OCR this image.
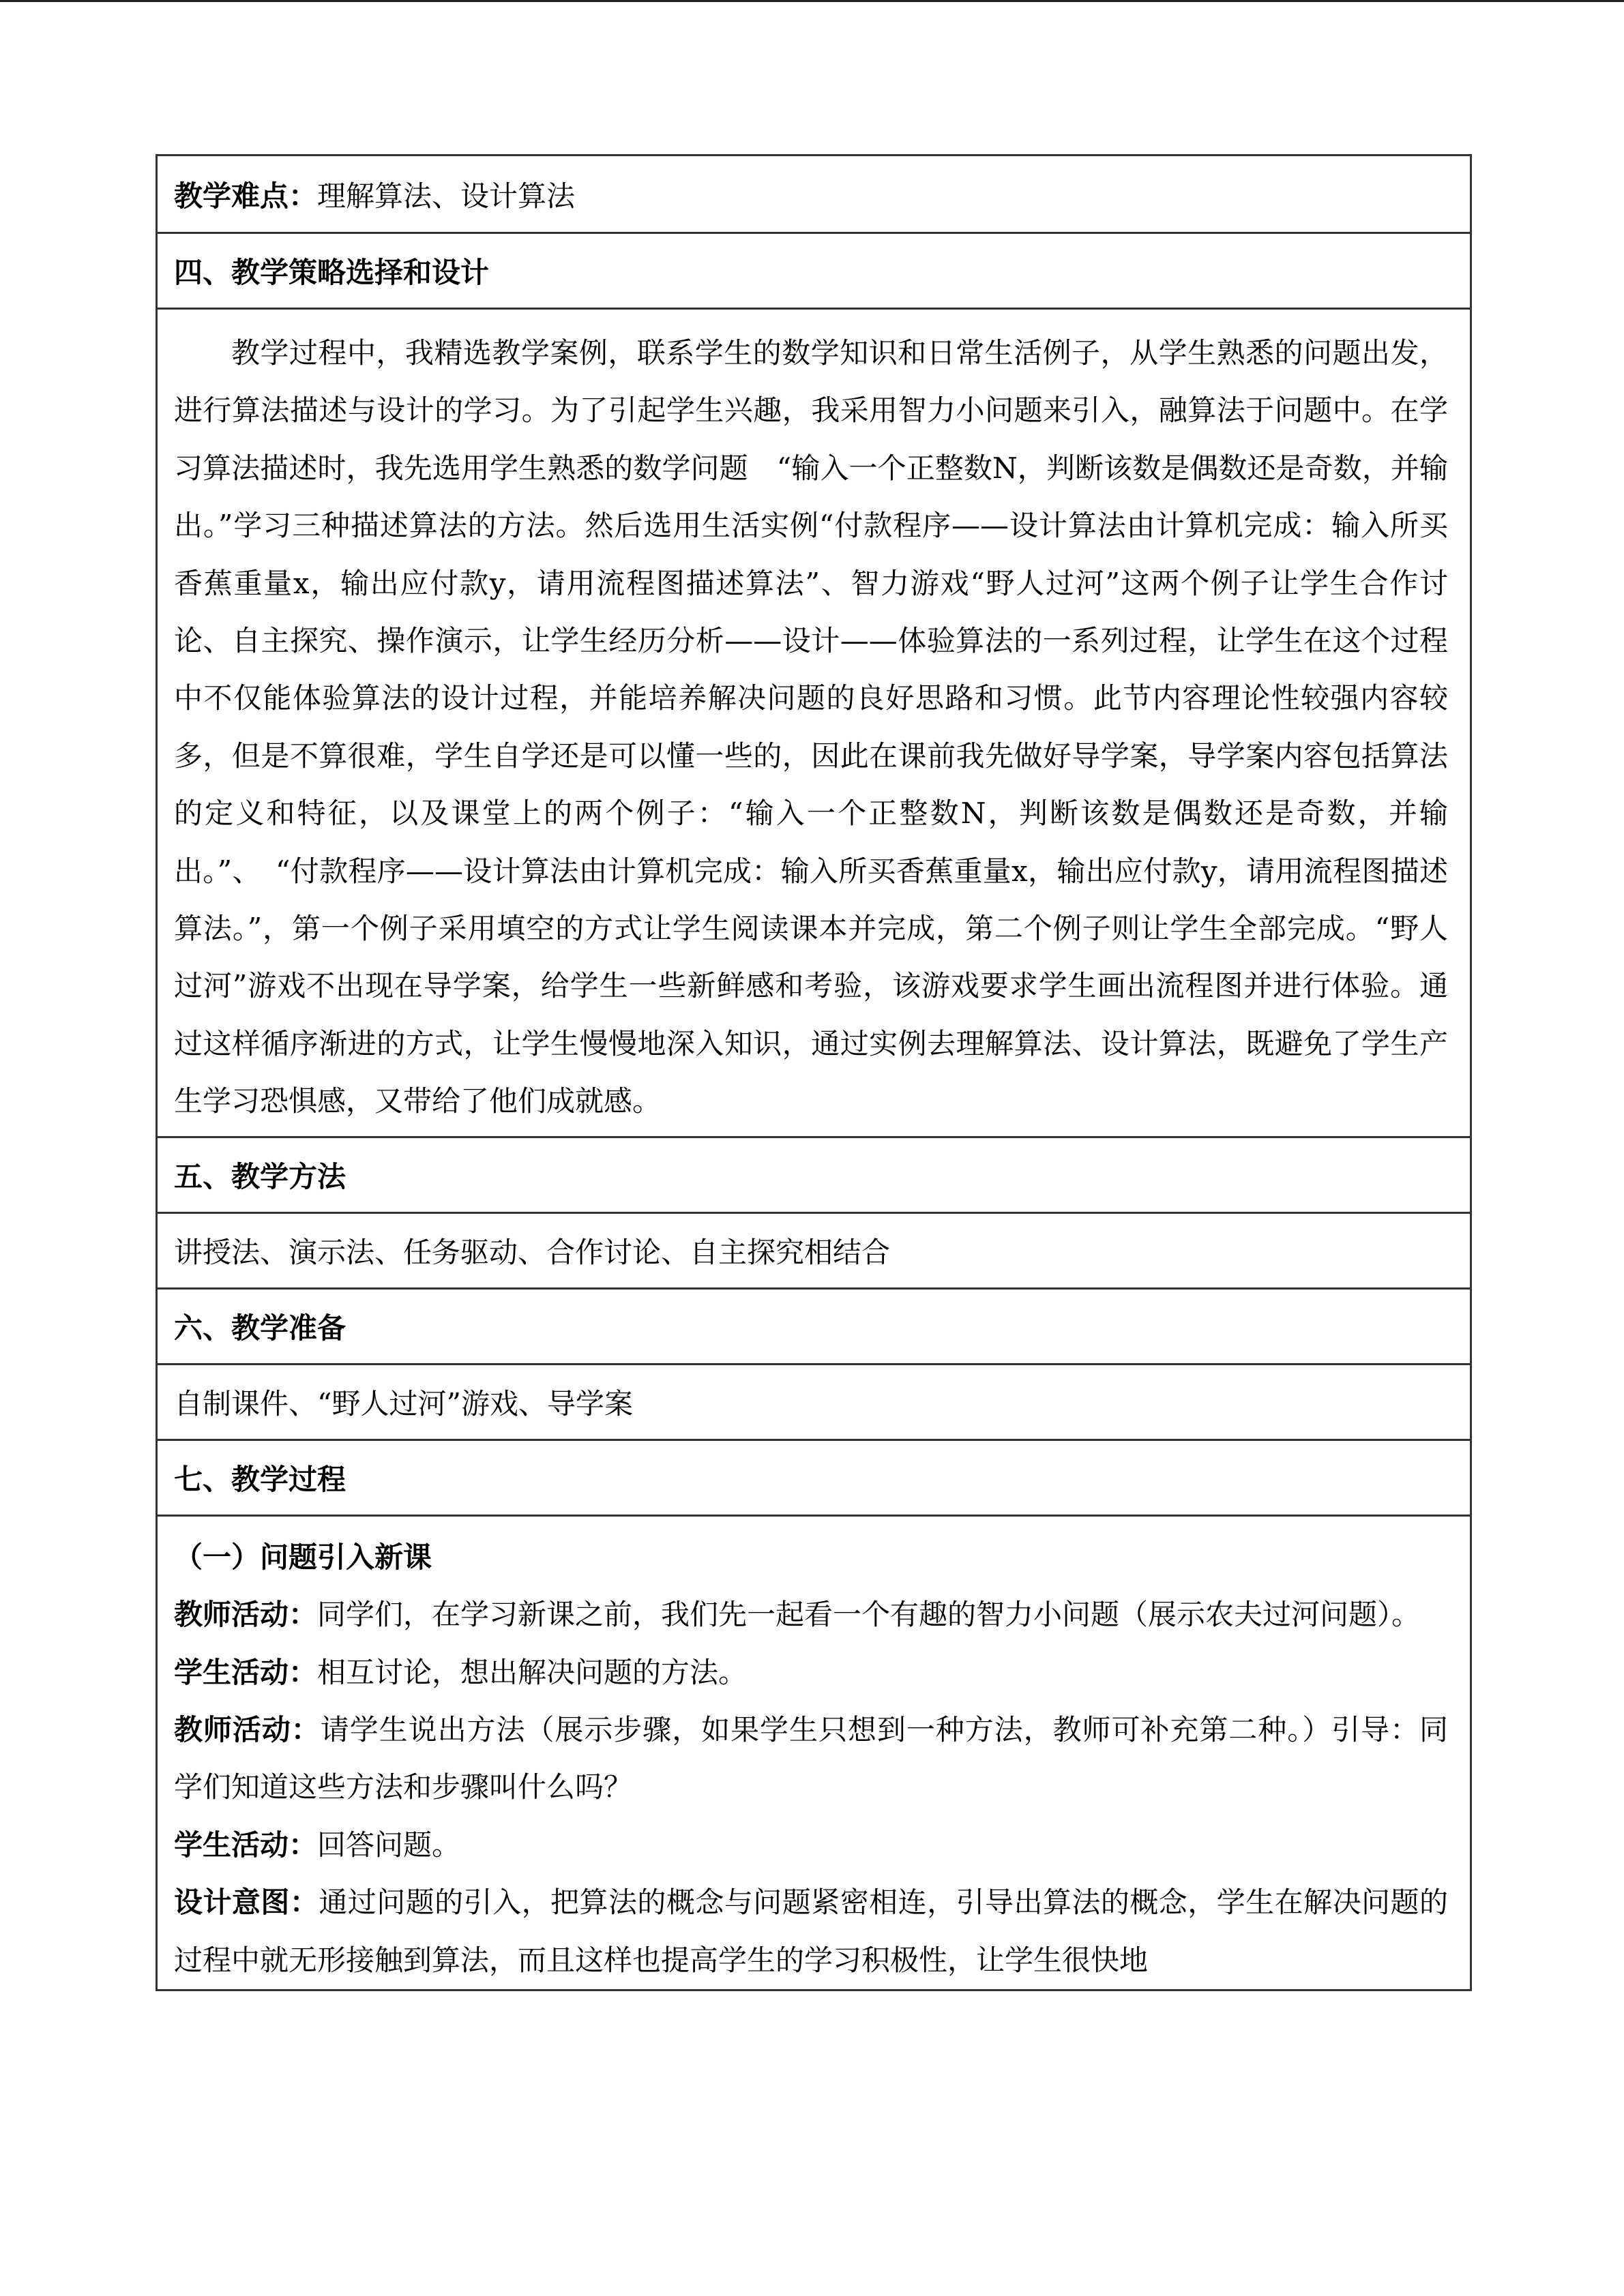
教学难点： 理解算法、设计算法
四、教学策略选择和设计
教学过程中，我精选教学案例，联系学生的数学知识和日常生活例子，从学生熟悉的问题出发，进行算法描述与设计的学习。为了引起学生兴趣，我采用智力小问题来引入，融算法于问题中。在学习算法描述时，我先选用学生熟悉的数学问题　“输入一个正整数N，判断该数是偶数还是奇数，并输出。”学习三种描述算法的方法。然后选用生活实例“付款程序——设计算法由计算机完成：输入所买香蕉重量x，输出应付款y，请用流程图描述算法”、智力游戏“野人过河”这两个例子让学生合作讨论、自主探究、操作演示，让学生经历分析——设计——体验算法的一系列过程，让学生在这个过程中不仅能体验算法的设计过程，并能培养解决问题的良好思路和习惯。此节内容理论性较强内容较多，但是不算很难，学生自学还是可以懂一些的，因此在课前我先做好导学案，导学案内容包括算法的定义和特征，以及课堂上的两个例子：“输入一个正整数N，判断该数是偶数还是奇数，并输出。”、　“付款程序——设计算法由计算机完成：输入所买香蕉重量x，输出应付款y，请用流程图描述算法。”，第一个例子采用填空的方式让学生阅读课本并完成，第二个例子则让学生全部完成。“野人过河”游戏不出现在导学案，给学生一些新鲜感和考验，该游戏要求学生画出流程图并进行体验。通过这样循序渐进的方式，让学生慢慢地深入知识，通过实例去理解算法、设计算法，既避免了学生产生学习恐惧感，又带给了他们成就感。
五、教学方法
讲授法、演示法、任务驱动、合作讨论、自主探究相结合
六、教学准备
自制课件、“野人过河”游戏、导学案
七、教学过程

（一）问题引入新课

教师活动：同学们，在学习新课之前，我们先一起看一个有趣的智力小问题（展示农夫过河问题）。

学生活动：相互讨论，想出解决问题的方法。

教师活动：请学生说出方法（展示步骤，如果学生只想到一种方法，教师可补充第二种。）引导：同学们知道这些方法和步骤叫什么吗？

学生活动：回答问题。

设计意图：通过问题的引入，把算法的概念与问题紧密相连，引导出算法的概念，学生在解决问题的过程中就无形接触到算法，而且这样也提高学生的学习积极性，让学生很快地
